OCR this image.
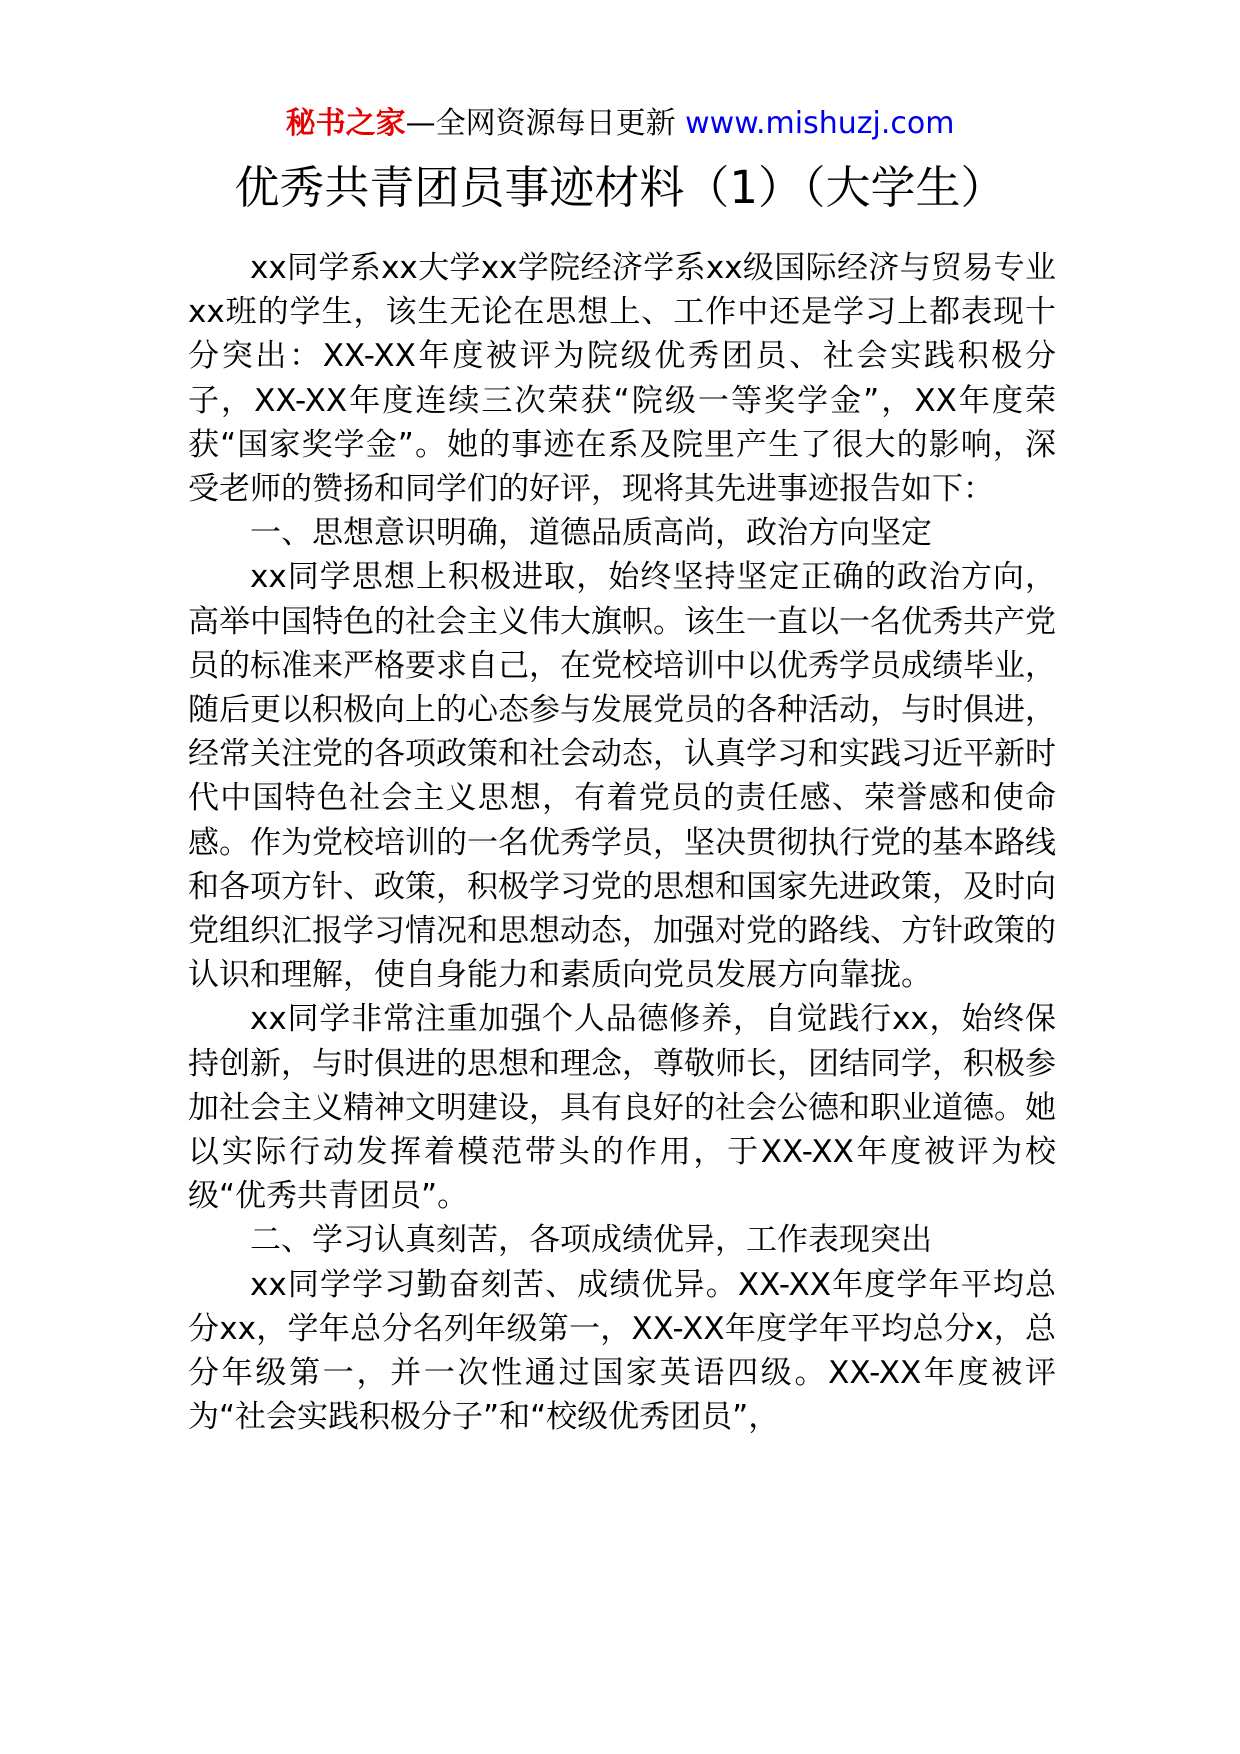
秘书之家—全网资源每日更新 www.mishuzj.com
优秀共青团员事迹材料（1）（大学生）

xx同学系xx大学xx学院经济学系xx级国际经济与贸易专业xx班的学生，该生无论在思想上、工作中还是学习上都表现十分突出：XX-XX年度被评为院级优秀团员、社会实践积极分子，XX-XX年度连续三次荣获“院级一等奖学金”，XX年度荣获“国家奖学金”。她的事迹在系及院里产生了很大的影响，深受老师的赞扬和同学们的好评，现将其先进事迹报告如下：

一、思想意识明确，道德品质高尚，政治方向坚定

xx同学思想上积极进取，始终坚持坚定正确的政治方向，高举中国特色的社会主义伟大旗帜。该生一直以一名优秀共产党员的标准来严格要求自己，在党校培训中以优秀学员成绩毕业，随后更以积极向上的心态参与发展党员的各种活动，与时俱进，经常关注党的各项政策和社会动态，认真学习和实践习近平新时代中国特色社会主义思想，有着党员的责任感、荣誉感和使命感。作为党校培训的一名优秀学员，坚决贯彻执行党的基本路线和各项方针、政策，积极学习党的思想和国家先进政策，及时向党组织汇报学习情况和思想动态，加强对党的路线、方针政策的认识和理解，使自身能力和素质向党员发展方向靠拢。

xx同学非常注重加强个人品德修养，自觉践行xx，始终保持创新，与时俱进的思想和理念，尊敬师长，团结同学，积极参加社会主义精神文明建设，具有良好的社会公德和职业道德。她以实际行动发挥着模范带头的作用，于XX-XX年度被评为校级“优秀共青团员”。

二、学习认真刻苦，各项成绩优异，工作表现突出

xx同学学习勤奋刻苦、成绩优异。XX-XX年度学年平均总分xx，学年总分名列年级第一，XX-XX年度学年平均总分x，总分年级第一，并一次性通过国家英语四级。XX-XX年度被评为“社会实践积极分子”和“校级优秀团员”，
